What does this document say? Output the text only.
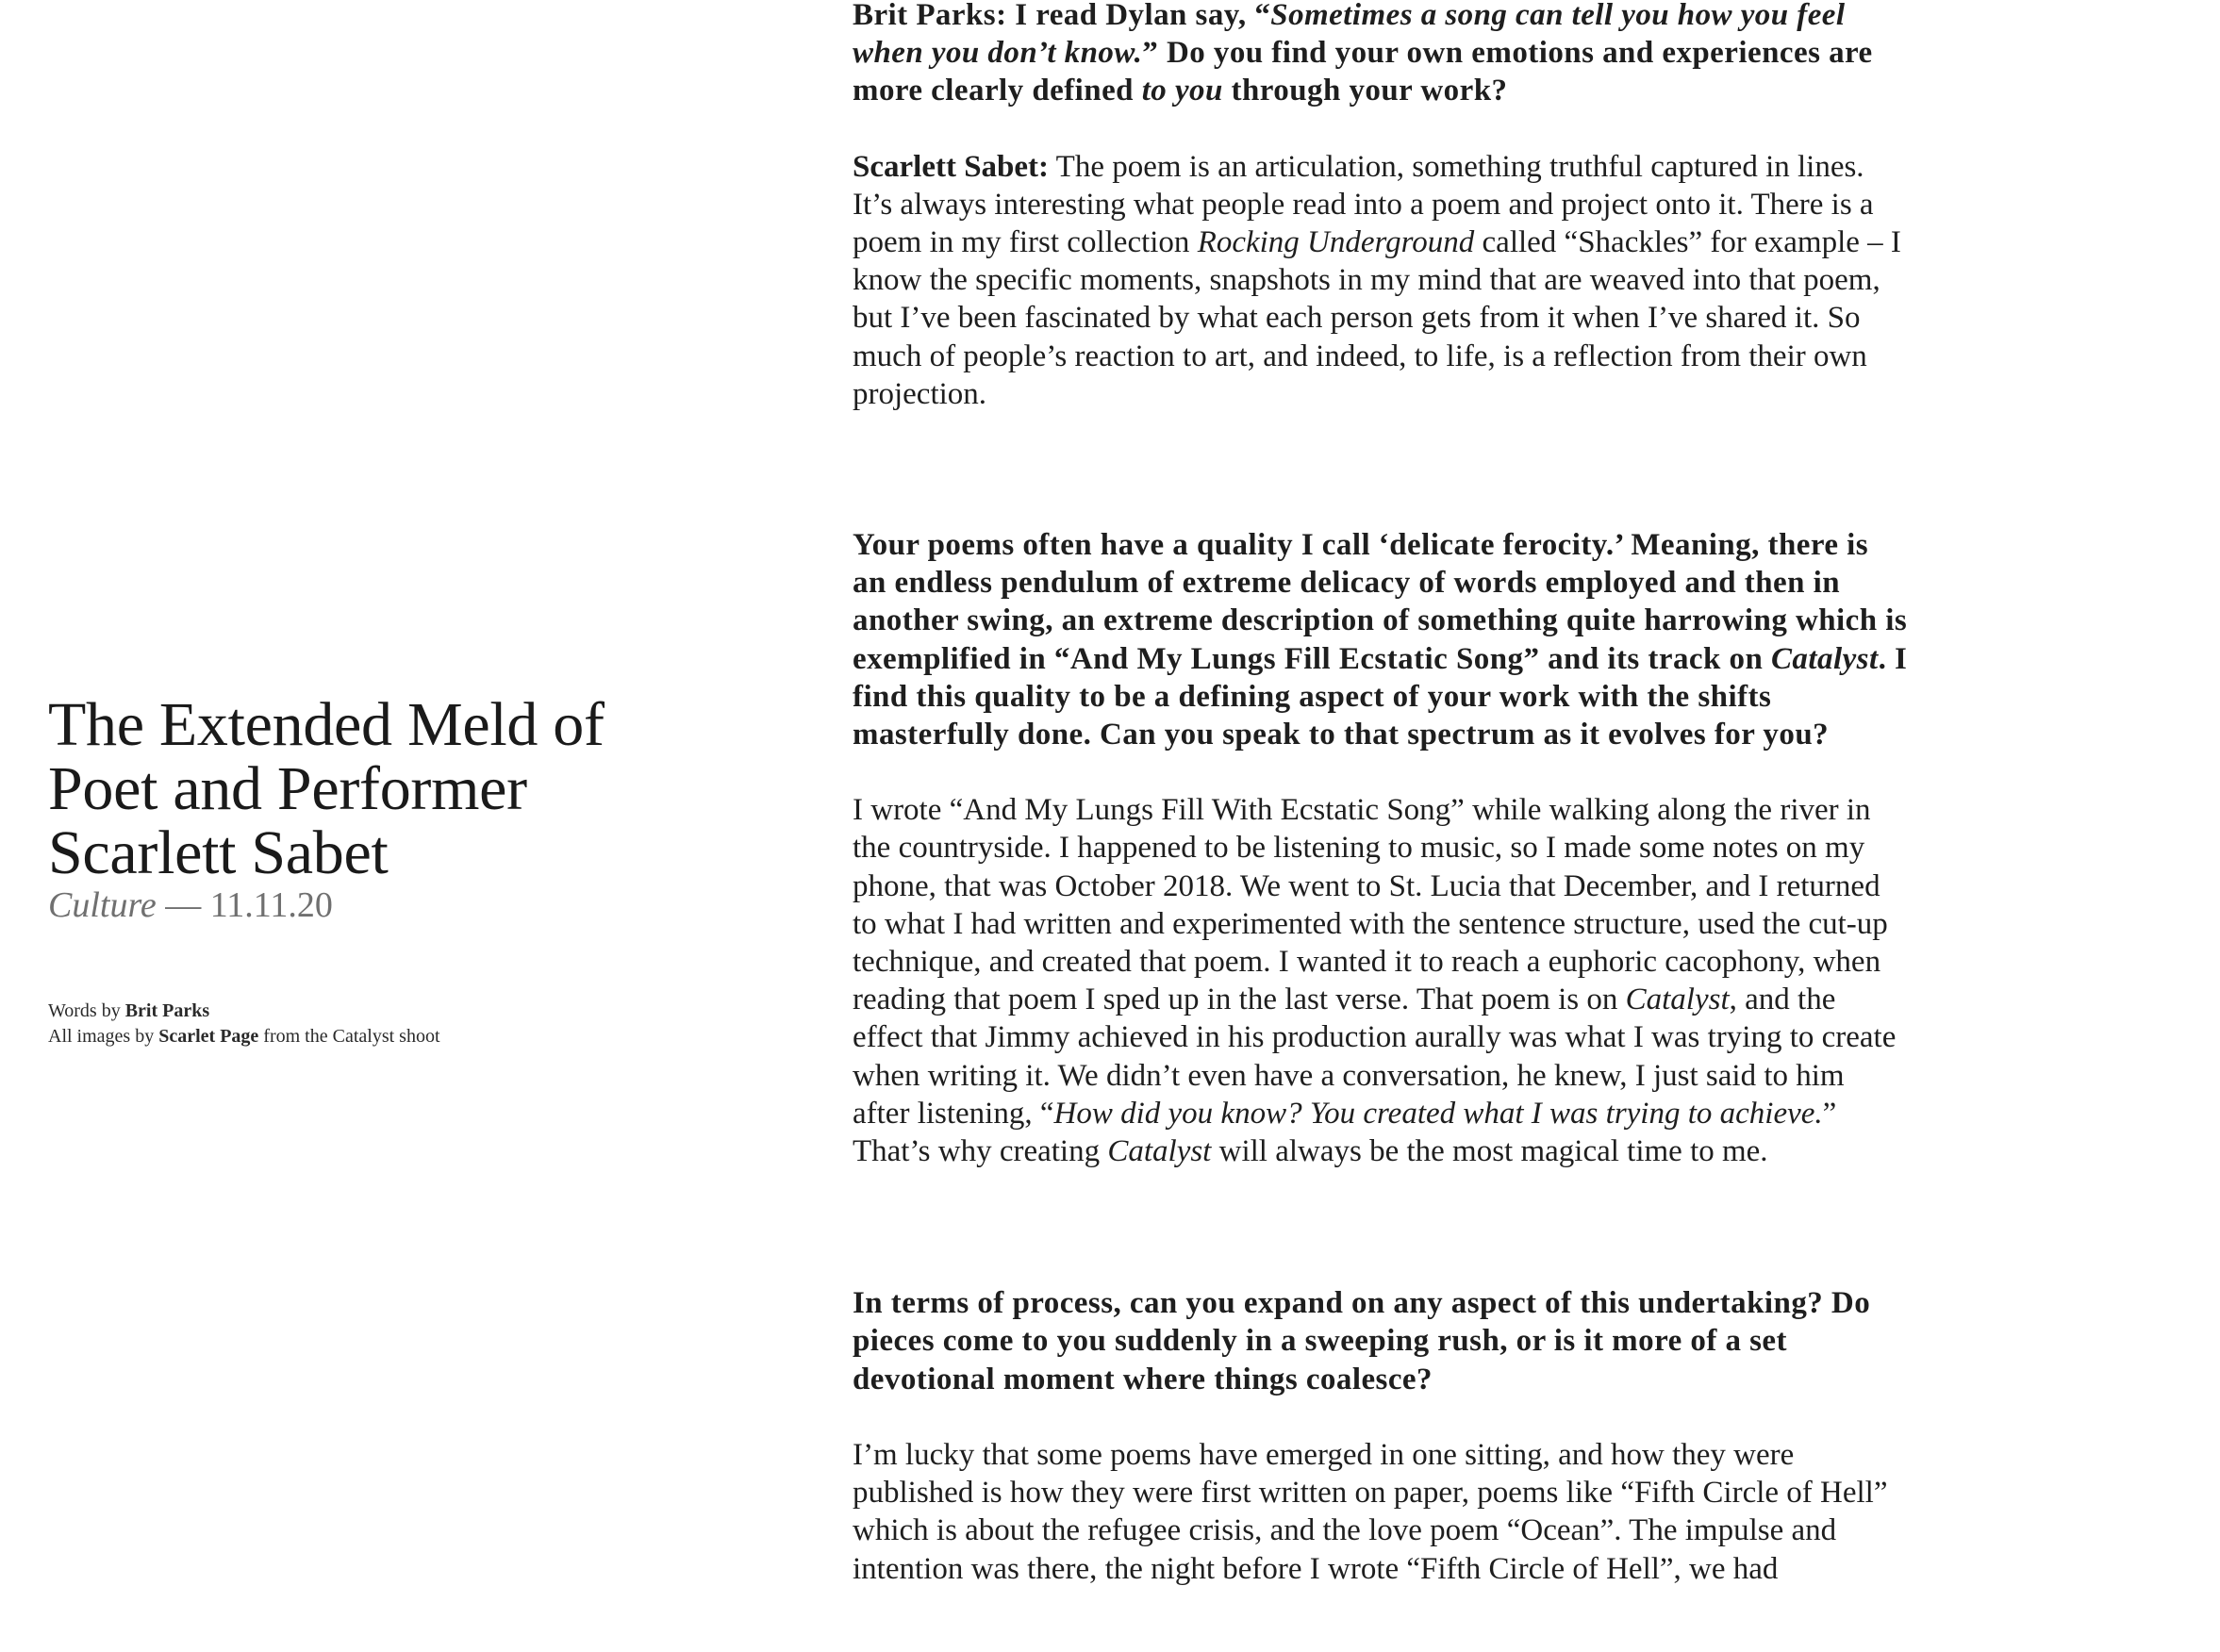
The Extended Meld of
Poet and Performer
Scarlett Sabet
Culture — 11.11.20
Words by Brit Parks
All images by Scarlet Page from the Catalyst shoot

Brit Parks: I read Dylan say, “Sometimes a song can tell you how you feel when you don’t know.” Do you find your own emotions and experiences are more clearly defined to you through your work?

Scarlett Sabet: The poem is an articulation, something truthful captured in lines. It’s always interesting what people read into a poem and project onto it. There is a poem in my first collection Rocking Underground called “Shackles” for example – I know the specific moments, snapshots in my mind that are weaved into that poem, but I’ve been fascinated by what each person gets from it when I’ve shared it. So much of people’s reaction to art, and indeed, to life, is a reflection from their own projection.

Your poems often have a quality I call ‘delicate ferocity.’ Meaning, there is an endless pendulum of extreme delicacy of words employed and then in another swing, an extreme description of something quite harrowing which is exemplified in “And My Lungs Fill Ecstatic Song” and its track on Catalyst. I find this quality to be a defining aspect of your work with the shifts masterfully done. Can you speak to that spectrum as it evolves for you?

I wrote “And My Lungs Fill With Ecstatic Song” while walking along the river in the countryside. I happened to be listening to music, so I made some notes on my phone, that was October 2018. We went to St. Lucia that December, and I returned to what I had written and experimented with the sentence structure, used the cut-up technique, and created that poem. I wanted it to reach a euphoric cacophony, when reading that poem I sped up in the last verse. That poem is on Catalyst, and the effect that Jimmy achieved in his production aurally was what I was trying to create when writing it. We didn’t even have a conversation, he knew, I just said to him after listening, “How did you know? You created what I was trying to achieve.” That’s why creating Catalyst will always be the most magical time to me.

In terms of process, can you expand on any aspect of this undertaking? Do pieces come to you suddenly in a sweeping rush, or is it more of a set devotional moment where things coalesce?

I’m lucky that some poems have emerged in one sitting, and how they were published is how they were first written on paper, poems like “Fifth Circle of Hell” which is about the refugee crisis, and the love poem “Ocean”. The impulse and intention was there, the night before I wrote “Fifth Circle of Hell”, we had
